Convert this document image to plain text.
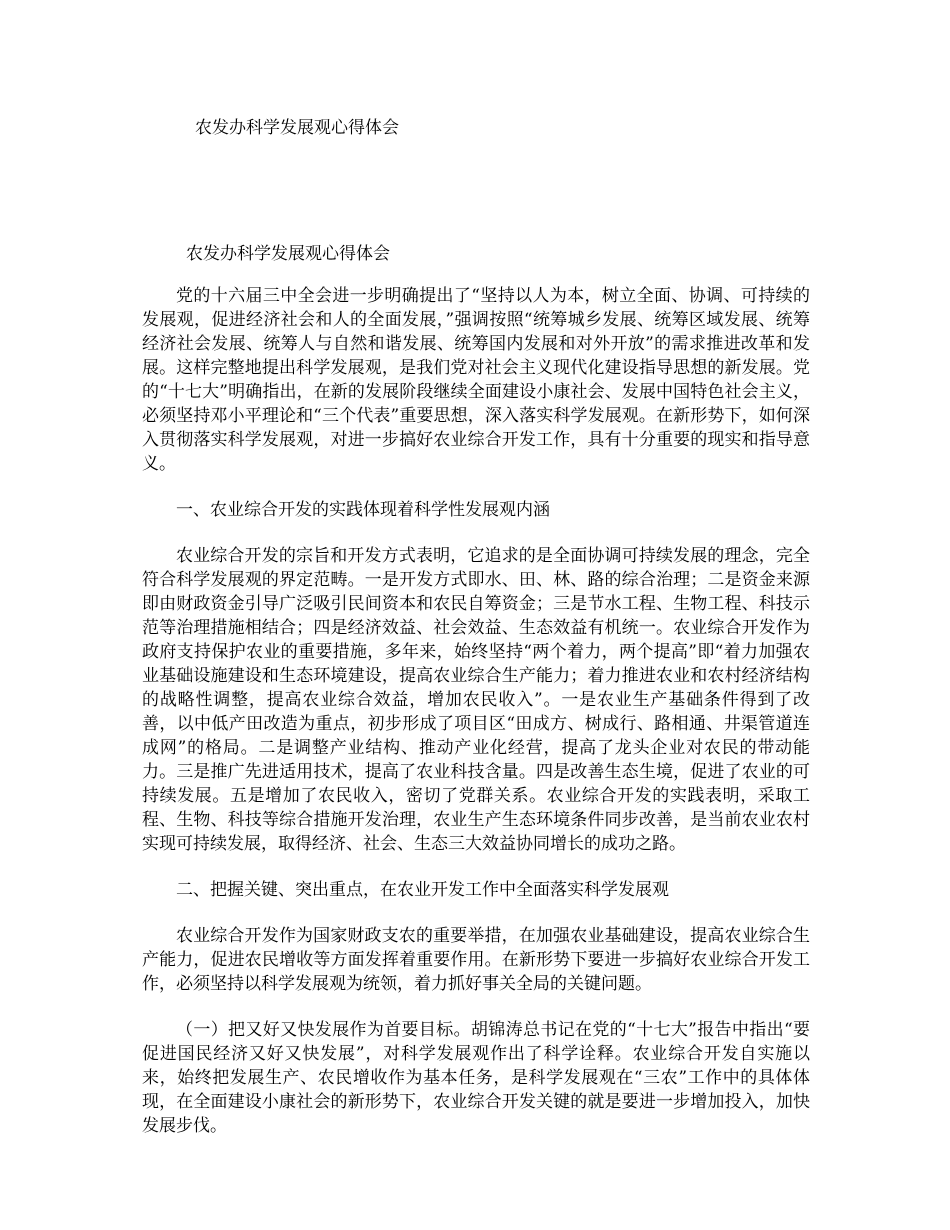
农发办科学发展观心得体会
农发办科学发展观心得体会

党的十六届三中全会进一步明确提出了“坚持以人为本，树立全面、协调、可持续的发展观，促进经济社会和人的全面发展，”强调按照“统筹城乡发展、统筹区域发展、统筹经济社会发展、统筹人与自然和谐发展、统筹国内发展和对外开放”的需求推进改革和发展。这样完整地提出科学发展观，是我们党对社会主义现代化建设指导思想的新发展。党的“十七大”明确指出，在新的发展阶段继续全面建设小康社会、发展中国特色社会主义，必须坚持邓小平理论和“三个代表”重要思想，深入落实科学发展观。在新形势下，如何深入贯彻落实科学发展观，对进一步搞好农业综合开发工作，具有十分重要的现实和指导意义。

一、农业综合开发的实践体现着科学性发展观内涵

农业综合开发的宗旨和开发方式表明，它追求的是全面协调可持续发展的理念，完全符合科学发展观的界定范畴。一是开发方式即水、田、林、路的综合治理；二是资金来源即由财政资金引导广泛吸引民间资本和农民自筹资金；三是节水工程、生物工程、科技示范等治理措施相结合；四是经济效益、社会效益、生态效益有机统一。农业综合开发作为政府支持保护农业的重要措施，多年来，始终坚持“两个着力，两个提高”即“着力加强农业基础设施建设和生态环境建设，提高农业综合生产能力；着力推进农业和农村经济结构的战略性调整，提高农业综合效益，增加农民收入”。一是农业生产基础条件得到了改善，以中低产田改造为重点，初步形成了项目区“田成方、树成行、路相通、井渠管道连成网”的格局。二是调整产业结构、推动产业化经营，提高了龙头企业对农民的带动能力。三是推广先进适用技术，提高了农业科技含量。四是改善生态生境，促进了农业的可持续发展。五是增加了农民收入，密切了党群关系。农业综合开发的实践表明，采取工程、生物、科技等综合措施开发治理，农业生产生态环境条件同步改善，是当前农业农村实现可持续发展，取得经济、社会、生态三大效益协同增长的成功之路。

二、把握关键、突出重点，在农业开发工作中全面落实科学发展观

农业综合开发作为国家财政支农的重要举措，在加强农业基础建设，提高农业综合生产能力，促进农民增收等方面发挥着重要作用。在新形势下要进一步搞好农业综合开发工作，必须坚持以科学发展观为统领，着力抓好事关全局的关键问题。

（一）把又好又快发展作为首要目标。胡锦涛总书记在党的“十七大”报告中指出“要促进国民经济又好又快发展”，对科学发展观作出了科学诠释。农业综合开发自实施以来，始终把发展生产、农民增收作为基本任务，是科学发展观在“三农”工作中的具体体现，在全面建设小康社会的新形势下，农业综合开发关键的就是要进一步增加投入，加快发展步伐。
